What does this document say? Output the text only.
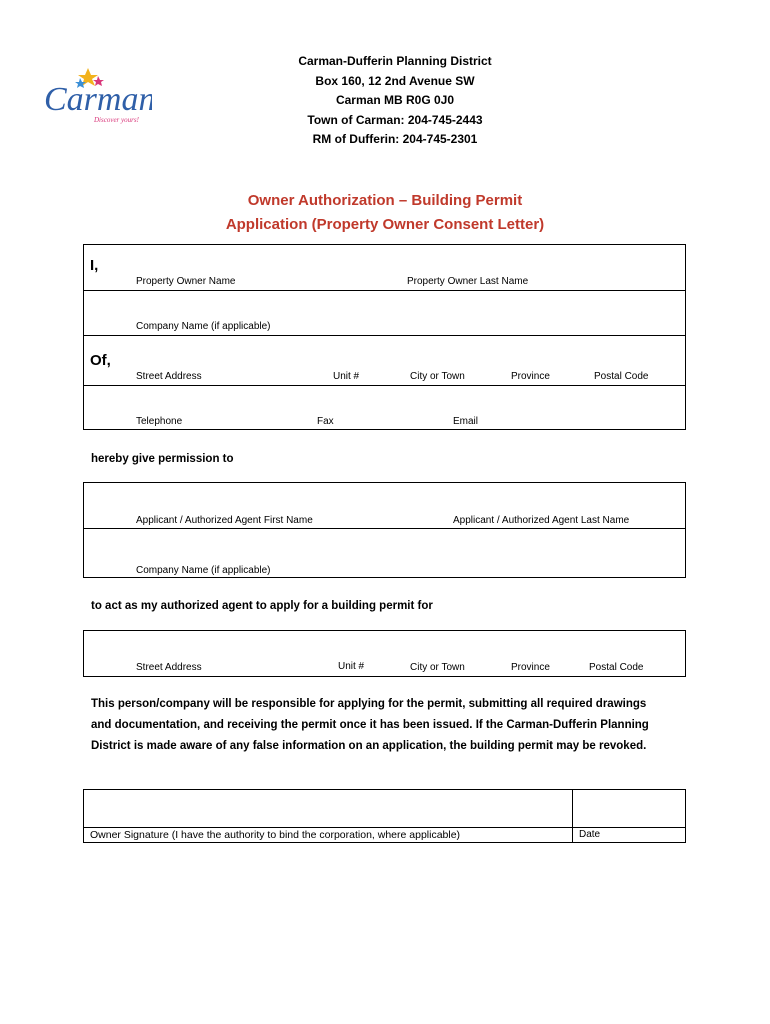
Carman
Discover yours!
Carman-Dufferin Planning District
Box 160, 12 2nd Avenue SW
Carman MB R0G 0J0
Town of Carman: 204-745-2443
RM of Dufferin: 204-745-2301
Owner Authorization – Building Permit
Application (Property Owner Consent Letter)
I,
Property Owner Name	Property Owner Last Name
Company Name (if applicable)
Of,
Street Address	Unit #	City or Town	Province	Postal Code
Telephone	Fax	Email
hereby give permission to
Applicant / Authorized Agent First Name	Applicant / Authorized Agent Last Name
Company Name (if applicable)
to act as my authorized agent to apply for a building permit for
Street Address	Unit #	City or Town	Province	Postal Code
This person/company will be responsible for applying for the permit, submitting all required drawings
and documentation, and receiving the permit once it has been issued. If the Carman-Dufferin Planning
District is made aware of any false information on an application, the building permit may be revoked.
Owner Signature (I have the authority to bind the corporation, where applicable)	Date
